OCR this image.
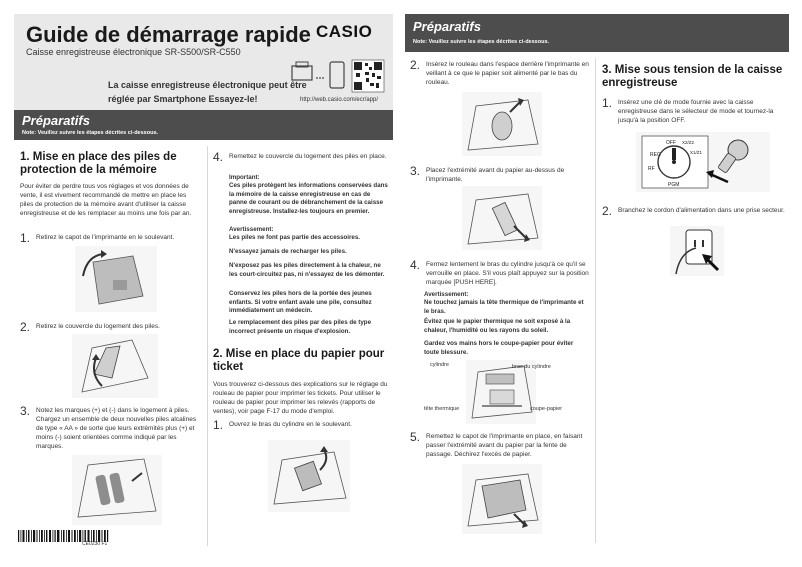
Guide de démarrage rapide
Caisse enregistreuse électronique SR-S500/SR-C550
CASIO
La caisse enregistreuse électronique peut être réglée par Smartphone Essayez-le!	http://web.casio.com/ecr/app/
Préparatifs
Note: Veuillez suivre les étapes décrites ci-dessous.
1. Mise en place des piles de protection de la mémoire
Pour éviter de perdre tous vos réglages et vos données de vente, il est vivement recommandé de mettre en place les piles de protection de la mémoire avant d'utiliser la caisse enregistreuse et de les remplacer au moins une fois par an.
1. Retirez le capot de l'imprimante en le soulevant.
2. Retirez le couvercle du logement des piles.
3. Notez les marques (+) et (-) dans le logement à piles. Chargez un ensemble de deux nouvelles piles alcalines de type « AA » de sorte que leurs extrémités plus (+) et moins (-) soient orientées comme indiqué par les marques.
CE0230 F1
4. Remettez le couvercle du logement des piles en place.
Important:
Ces piles protègent les informations conservées dans la mémoire de la caisse enregistreuse en cas de panne de courant ou de débranchement de la caisse enregistreuse. Installez-les toujours en premier.
Avertissement:
Les piles ne font pas partie des accessoires.
N'essayez jamais de recharger les piles.
N'exposez pas les piles directement à la chaleur, ne les court-circuitez pas, ni n'essayez de les démonter.
Conservez les piles hors de la portée des jeunes enfants. Si votre enfant avale une pile, consultez immédiatement un médecin.
Le remplacement des piles par des piles de type incorrect présente un risque d'explosion.
2. Mise en place du papier pour ticket
Vous trouverez ci-dessous des explications sur le réglage du rouleau de papier pour imprimer les tickets. Pour utiliser le rouleau de papier pour imprimer les relevés (rapports de ventes), voir page F-17 du mode d'emploi.
1. Ouvrez le bras du cylindre en le soulevant.
Préparatifs
Note: Veuillez suivre les étapes décrites ci-dessous.
2. Insérez le rouleau dans l'espace derrière l'imprimante en veillant à ce que le papier soit alimenté par le bas du rouleau.
3. Placez l'extrémité avant du papier au-dessus de l'imprimante.
4. Fermez lentement le bras du cylindre jusqu'à ce qu'il se verrouille en place. S'il vous plaît appuyez sur la position marquée [PUSH HERE].
Avertissement:
Ne touchez jamais la tête thermique de l'imprimante et le bras.
Évitez que le papier thermique ne soit exposé à la chaleur, l'humidité ou les rayons du soleil.
Gardez vos mains hors le coupe-papier pour éviter toute blessure.
cylindre	bras du cylindre
tête thermique	coupe-papier
5. Remettez le capot de l'imprimante en place, en faisant passer l'extrémité avant du papier par la fente de passage. Déchirez l'excès de papier.
3. Mise sous tension de la caisse enregistreuse
1. Insérez une clé de mode fournie avec la caisse enregistreuse dans le sélecteur de mode et tournez-la jusqu'à la position OFF.
REG
OFF
RF
X2/Z2
X1/Z1
PGM
2. Branchez le cordon d'alimentation dans une prise secteur.
